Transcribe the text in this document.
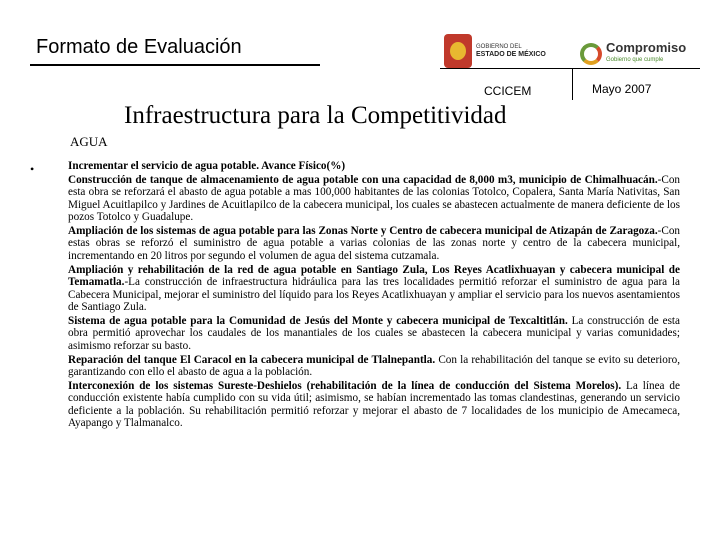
Formato de Evaluación	GOBIERNO DEL
ESTADO DE MÉXICO	Compromiso
Gobierno que cumple
CCICEM	Mayo 2007
Infraestructura para la Competitividad
AGUA
•	Incrementar el servicio de agua potable. Avance Físico(%)

Construcción de tanque de almacenamiento de agua potable con una capacidad de 8,000 m3, municipio de Chimalhuacán.-Con esta obra se reforzará el abasto de agua potable a mas 100,000 habitantes de las colonias Totolco, Copalera, Santa María Nativitas, San Miguel Acuitlapilco y Jardines de Acuitlapilco de la cabecera municipal, los cuales se abastecen actualmente de manera deficiente de los pozos Totolco y Guadalupe.

Ampliación de los sistemas de agua potable para las Zonas Norte y Centro de cabecera municipal de Atizapán de Zaragoza.-Con estas obras se reforzó el suministro de agua potable a varias colonias de las zonas norte y centro de la cabecera municipal, incrementando en 20 litros por segundo el volumen de agua del sistema cutzamala.

Ampliación y rehabilitación de la red de agua potable en Santiago Zula, Los Reyes Acatlixhuayan y cabecera municipal de Temamatla.-La construcción de infraestructura hidráulica para las tres localidades permitió reforzar el suministro de agua para la Cabecera Municipal, mejorar el suministro del líquido para los Reyes Acatlixhuayan y ampliar el servicio para los nuevos asentamientos de Santiago Zula.

Sistema de agua potable para la Comunidad de Jesús del Monte y cabecera municipal de Texcaltitlán. La construcción de esta obra permitió aprovechar los caudales de los manantiales de los cuales se abastecen la cabecera municipal y varias comunidades; asimismo reforzar su basto.

Reparación del tanque El Caracol en la cabecera municipal de Tlalnepantla. Con la rehabilitación del tanque se evito su deterioro, garantizando con ello el abasto de agua a la población.

Interconexión de los sistemas Sureste-Deshielos (rehabilitación de la línea de conducción del Sistema Morelos). La línea de conducción existente había cumplido con su vida útil; asimismo, se habían incrementado las tomas clandestinas, generando un servicio deficiente a la población. Su rehabilitación permitió reforzar y mejorar el abasto de 7 localidades de los municipio de Amecameca, Ayapango y Tlalmanalco.
